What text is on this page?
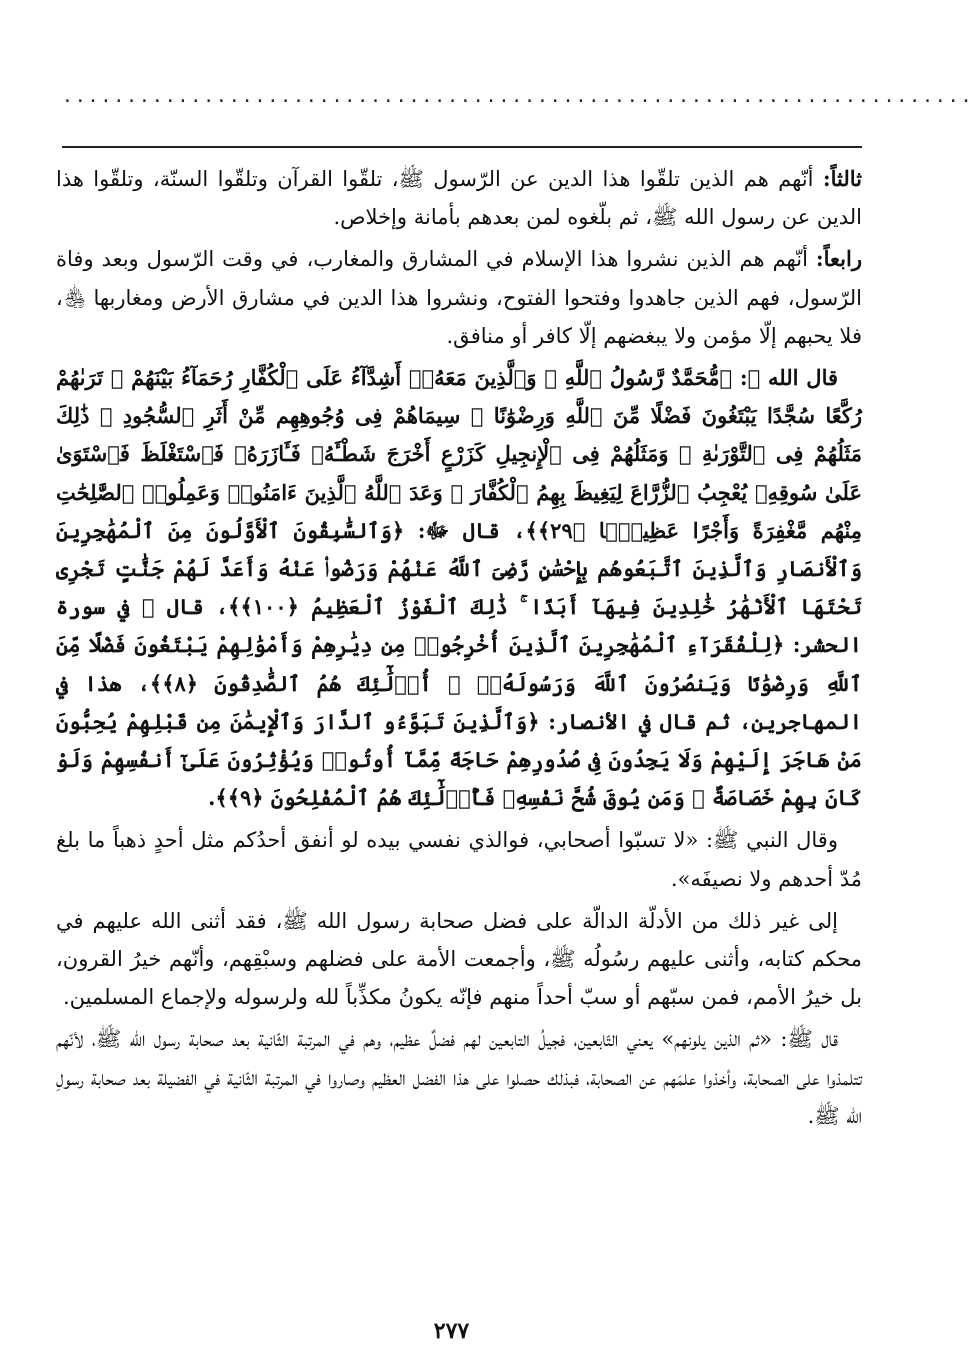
·······································································

ثالثاً: أنّهم هم الذين تلقّوا هذا الدين عن الرّسول ﷺ، تلقّوا القرآن وتلقّوا السنّة، وتلقّوا هذا الدين عن رسول الله ﷺ، ثم بلّغوه لمن بعدهم بأمانة وإخلاص.

رابعاً: أنّهم هم الذين نشروا هذا الإسلام في المشارق والمغارب، في وقت الرّسول وبعد وفاة الرّسول، فهم الذين جاهدوا وفتحوا الفتوح، ونشروا هذا الدين في مشارق الأرض ومغاربها ﵃، فلا يحبهم إلّا مؤمن ولا يبغضهم إلّا كافر أو منافق.

قال الله ﷻ: ﴿مُّحَمَّدٌ رَّسُولُ ٱللَّهِ ۚ وَٱلَّذِينَ مَعَهُۥٓ أَشِدَّآءُ عَلَى ٱلْكُفَّارِ رُحَمَآءُ بَيْنَهُمْ ۖ تَرَىٰهُمْ رُكَّعًا سُجَّدًا يَبْتَغُونَ فَضْلًا مِّنَ ٱللَّهِ وَرِضْوَٰنًا ۖ سِيمَاهُمْ فِى وُجُوهِهِم مِّنْ أَثَرِ ٱلسُّجُودِ ۚ ذَٰلِكَ مَثَلُهُمْ فِى ٱلتَّوْرَىٰةِ ۚ وَمَثَلُهُمْ فِى ٱلْإِنجِيلِ كَزَرْعٍ أَخْرَجَ شَطْـَٔهُۥ فَـَٔازَرَهُۥ فَٱسْتَغْلَظَ فَٱسْتَوَىٰ عَلَىٰ سُوقِهِۦ يُعْجِبُ ٱلزُّرَّاعَ لِيَغِيظَ بِهِمُ ٱلْكُفَّارَ ۗ وَعَدَ ٱللَّهُ ٱلَّذِينَ ءَامَنُوا۟ وَعَمِلُوا۟ ٱلصَّٰلِحَٰتِ مِنْهُم مَّغْفِرَةً وَأَجْرًا عَظِيمًۢا ﴿٢٩﴾﴾، قال ﷻ: ﴿وَٱلسَّٰبِقُونَ ٱلْأَوَّلُونَ مِنَ ٱلْمُهَٰجِرِينَ وَٱلْأَنصَارِ وَٱلَّذِينَ ٱتَّبَعُوهُم بِإِحْسَٰنٍ رَّضِىَ ٱللَّهُ عَنْهُمْ وَرَضُوا۟ عَنْهُ وَأَعَدَّ لَهُمْ جَنَّٰتٍ تَجْرِى تَحْتَهَا ٱلْأَنْهَٰرُ خَٰلِدِينَ فِيهَآ أَبَدًا ۚ ذَٰلِكَ ٱلْفَوْزُ ٱلْعَظِيمُ ﴿١٠٠﴾﴾، قال ﷻ في سورة الحشر: ﴿لِلْفُقَرَآءِ ٱلْمُهَٰجِرِينَ ٱلَّذِينَ أُخْرِجُوا۟ مِن دِيَٰرِهِمْ وَأَمْوَٰلِهِمْ يَبْتَغُونَ فَضْلًا مِّنَ ٱللَّهِ وَرِضْوَٰنًا وَيَنصُرُونَ ٱللَّهَ وَرَسُولَهُۥٓ ۚ أُو۟لَٰٓئِكَ هُمُ ٱلصَّٰدِقُونَ ﴿٨﴾﴾، هذا في المهاجرين، ثم قال في الأنصار: ﴿وَٱلَّذِينَ تَبَوَّءُو ٱلدَّارَ وَٱلْإِيمَٰنَ مِن قَبْلِهِمْ يُحِبُّونَ مَنْ هَاجَرَ إِلَيْهِمْ وَلَا يَجِدُونَ فِى صُدُورِهِمْ حَاجَةً مِّمَّآ أُوتُوا۟ وَيُؤْثِرُونَ عَلَىٰٓ أَنفُسِهِمْ وَلَوْ كَانَ بِهِمْ خَصَاصَةٌ ۚ وَمَن يُوقَ شُحَّ نَفْسِهِۦ فَأُو۟لَٰٓئِكَ هُمُ ٱلْمُفْلِحُونَ ﴿٩﴾﴾.

وقال النبي ﷺ: «لا تسبّوا أصحابي، فوالذي نفسي بيده لو أنفق أحدُكم مثل أحدٍ ذهباً ما بلغ مُدّ أحدهم ولا نصيفَه».

إلى غير ذلك من الأدلّة الدالّة على فضل صحابة رسول الله ﷺ، فقد أثنى الله عليهم في محكم كتابه، وأثنى عليهم رسُولُه ﷺ، وأجمعت الأمة على فضلهم وسبْقِهم، وأنّهم خيرُ القرون، بل خيرُ الأمم، فمن سبّهم أو سبّ أحداً منهم فإنّه يكونُ مكذِّباً لله ولرسوله ولإجماع المسلمين.

قال ﷺ: «ثم الذين يلونهم» يعني التّابعين، فجيلُ التابعين لهم فضلٌ عظيم، وهم في المرتبة الثّانية بعد صحابة رسول الله ﷺ، لأنّهم تتلمذوا على الصحابة، وأخذوا علمَهم عن الصحابة، فبذلك حصلوا على هذا الفضل العظيم وصاروا في المرتبة الثّانية في الفضيلة بعد صحابة رسولِ الله ﷺ.

٢٧٧
